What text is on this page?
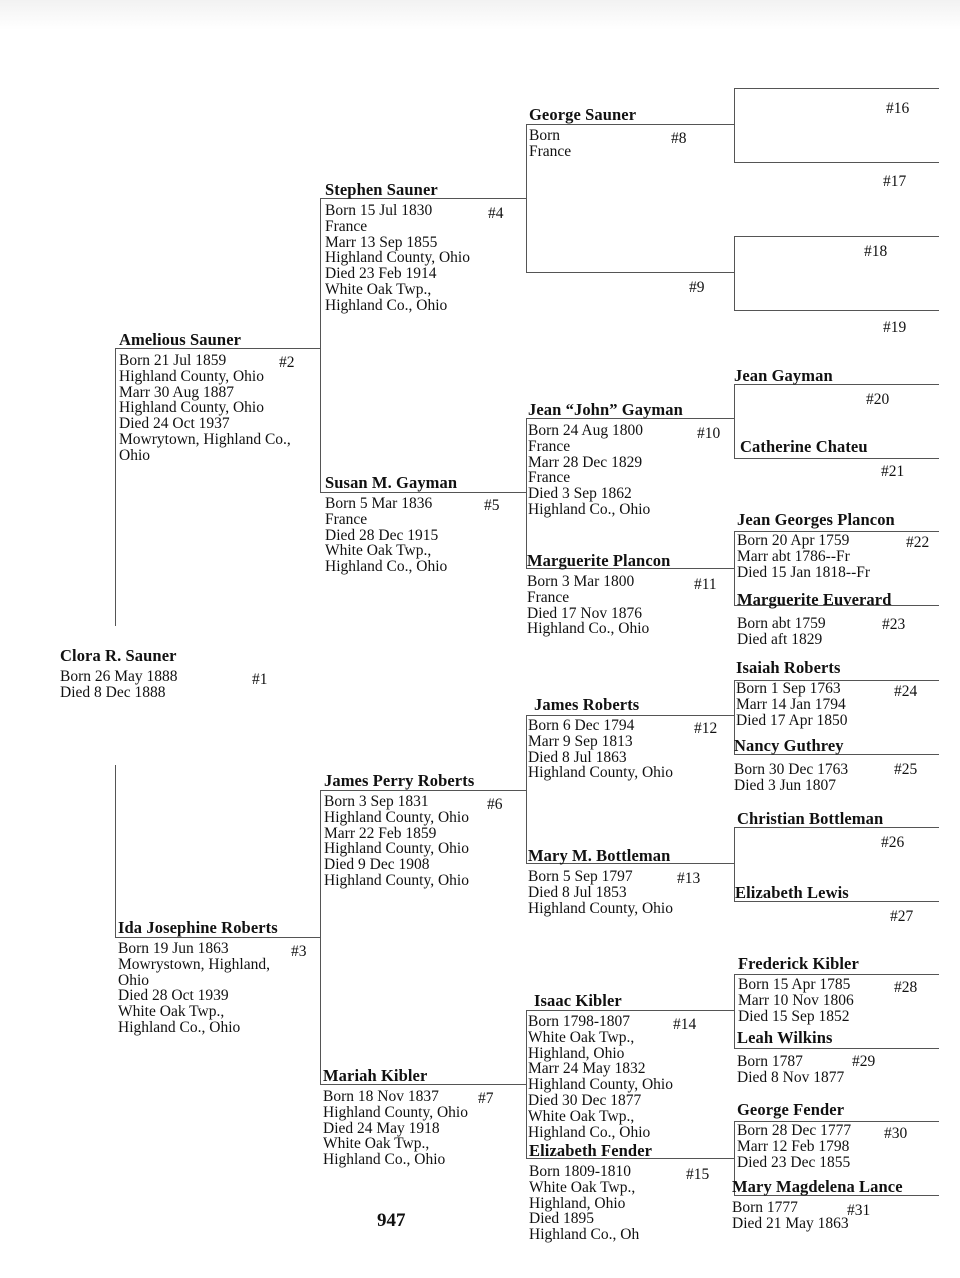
Clora R. Sauner
Born 26 May 1888
Died 8 Dec 1888
#1
Amelious Sauner
Born 21 Jul 1859
Highland County, Ohio
Marr 30 Aug 1887
Highland County, Ohio
Died 24 Oct 1937
Mowrytown, Highland Co.,
Ohio
#2
Ida Josephine Roberts
Born 19 Jun 1863
Mowrystown, Highland,
Ohio
Died 28 Oct 1939
White Oak Twp.,
Highland Co., Ohio
#3
Stephen Sauner
Born 15 Jul 1830
France
Marr 13 Sep 1855
Highland County, Ohio
Died 23 Feb 1914
White Oak Twp.,
Highland Co., Ohio
#4
Susan M. Gayman
Born 5 Mar 1836
France
Died 28 Dec 1915
White Oak Twp.,
Highland Co., Ohio
#5
James Perry Roberts
Born 3 Sep 1831
Highland County, Ohio
Marr 22 Feb 1859
Highland County, Ohio
Died 9 Dec 1908
Highland County, Ohio
#6
Mariah Kibler
Born 18 Nov 1837
Highland County, Ohio
Died 24 May 1918
White Oak Twp.,
Highland Co., Ohio
#7
George Sauner
Born
France
#8
#9
Jean “John” Gayman
Born 24 Aug 1800
France
Marr 28 Dec 1829
France
Died 3 Sep 1862
Highland Co., Ohio
#10
Marguerite Plancon
Born 3 Mar 1800
France
Died 17 Nov 1876
Highland Co., Ohio
#11
James Roberts
Born 6 Dec 1794
Marr 9 Sep 1813
Died 8 Jul 1863
Highland County, Ohio
#12
Mary M. Bottleman
Born 5 Sep 1797
Died 8 Jul 1853
Highland County, Ohio
#13
Isaac Kibler
Born 1798-1807
White Oak Twp.,
Highland, Ohio
Marr 24 May 1832
Highland County, Ohio
Died 30 Dec 1877
White Oak Twp.,
Highland Co., Ohio
#14
Elizabeth Fender
Born 1809-1810
White Oak Twp.,
Highland, Ohio
Died 1895
Highland Co., Oh
#15
#16
#17
#18
#19
Jean Gayman
#20
Catherine Chateu
#21
Jean Georges Plancon
Born 20 Apr 1759
Marr abt 1786--Fr
Died 15 Jan 1818--Fr
#22
Marguerite Euverard
Born abt 1759
Died aft 1829
#23
Isaiah Roberts
Born 1 Sep 1763
Marr 14 Jan 1794
Died 17 Apr 1850
#24
Nancy Guthrey
Born 30 Dec 1763
Died 3 Jun 1807
#25
Christian Bottleman
#26
Elizabeth Lewis
#27
Frederick Kibler
Born 15 Apr 1785
Marr 10 Nov 1806
Died 15 Sep 1852
#28
Leah Wilkins
Born 1787
Died 8 Nov 1877
#29
George Fender
Born 28 Dec 1777
Marr 12 Feb 1798
Died 23 Dec 1855
#30
Mary Magdelena Lance
Born 1777
Died 21 May 1863
#31
947
